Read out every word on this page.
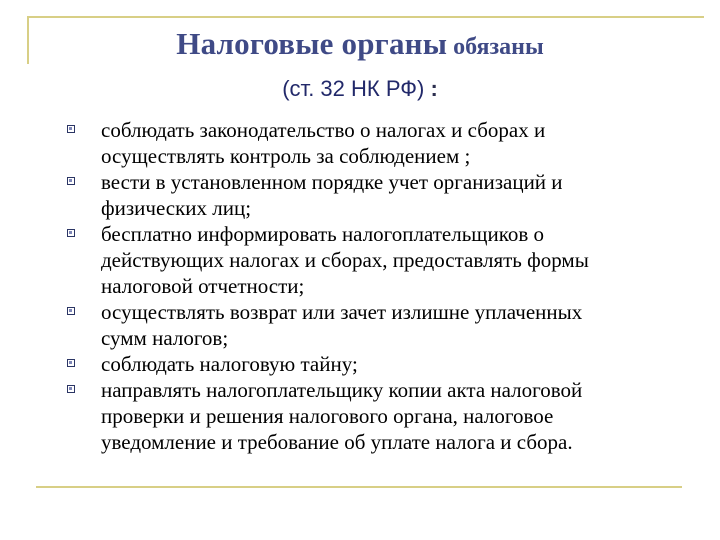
Налоговые органы обязаны
(ст. 32 НК РФ) :
соблюдать законодательство о налогах и сборах и
осуществлять контроль за соблюдением ;
вести в установленном порядке учет организаций и
физических лиц;
бесплатно информировать налогоплательщиков о
действующих налогах и сборах, предоставлять формы
налоговой отчетности;
осуществлять возврат или зачет излишне уплаченных
сумм налогов;
соблюдать налоговую тайну;
направлять налогоплательщику копии акта налоговой
проверки и решения налогового органа, налоговое
уведомление и требование об уплате налога и сбора.
